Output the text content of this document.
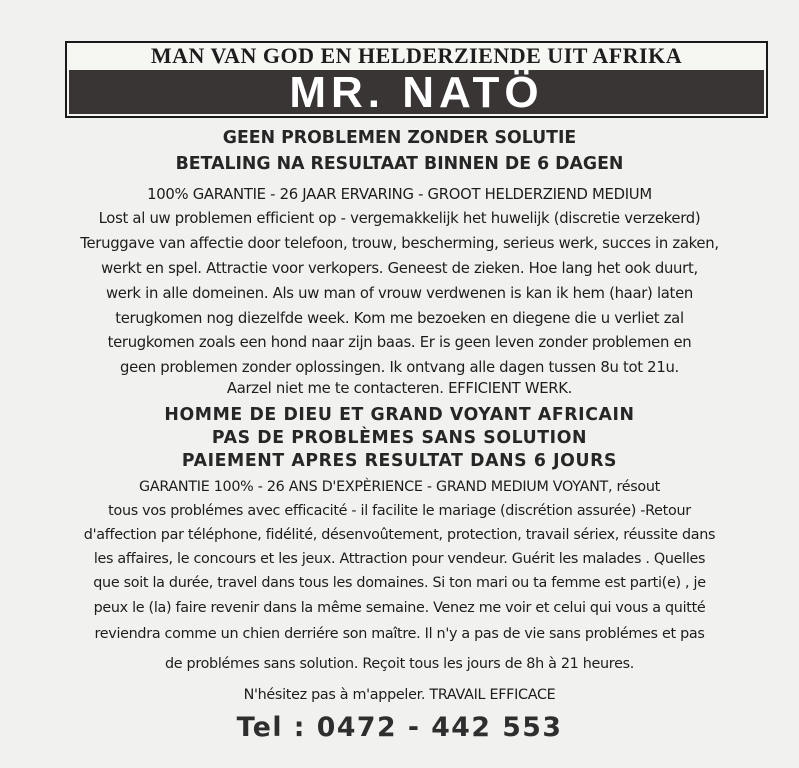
MAN VAN GOD EN HELDERZIENDE UIT AFRIKA
MR. NATÖ
GEEN PROBLEMEN ZONDER SOLUTIE
BETALING NA RESULTAAT BINNEN DE 6 DAGEN
100% GARANTIE - 26 JAAR ERVARING - GROOT HELDERZIEND MEDIUM
Lost al uw problemen efficient op - vergemakkelijk het huwelijk (discretie verzekerd)
Teruggave van affectie door telefoon, trouw, bescherming, serieus werk, succes in zaken,
werkt en spel. Attractie voor verkopers. Geneest de zieken. Hoe lang het ook duurt,
werk in alle domeinen. Als uw man of vrouw verdwenen is kan ik hem (haar) laten
terugkomen nog diezelfde week. Kom me bezoeken en diegene die u verliet zal
terugkomen zoals een hond naar zijn baas. Er is geen leven zonder problemen en
geen problemen zonder oplossingen. Ik ontvang alle dagen tussen 8u tot 21u.
Aarzel niet me te contacteren. EFFICIENT WERK.
HOMME DE DIEU ET GRAND VOYANT AFRICAIN
PAS DE PROBLÈMES SANS SOLUTION
PAIEMENT APRES RESULTAT DANS 6 JOURS
GARANTIE 100% - 26 ANS D'EXPÈRIENCE - GRAND MEDIUM VOYANT, résout
tous vos problémes avec efficacité - il facilite le mariage (discrétion assurée) -Retour
d'affection par téléphone, fidélité, désenvoûtement, protection, travail sériex, réussite dans
les affaires, le concours et les jeux. Attraction pour vendeur. Guérit les malades . Quelles
que soit la durée, travel dans tous les domaines. Si ton mari ou ta femme est parti(e) , je
peux le (la) faire revenir dans la même semaine. Venez me voir et celui qui vous a quitté
reviendra comme un chien derriére son maître. Il n'y a pas de vie sans problémes et pas
de problémes sans solution. Reçoit tous les jours de 8h à 21 heures.
N'hésitez pas à m'appeler. TRAVAIL EFFICACE
Tel : 0472 - 442 553
